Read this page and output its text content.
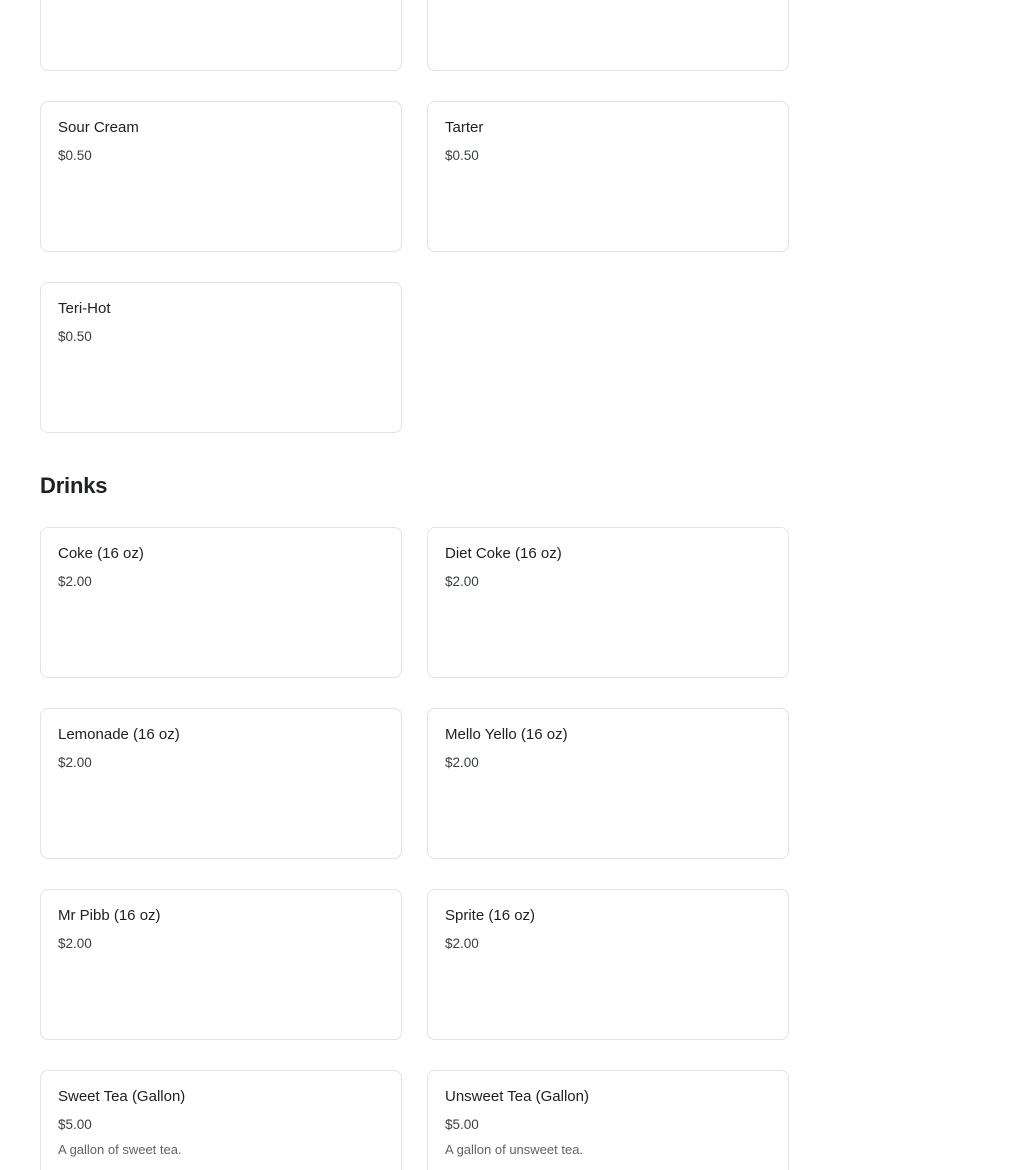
Sour Cream
$0.50
Tarter
$0.50
Teri-Hot
$0.50
Drinks
Coke (16 oz)
$2.00
Diet Coke (16 oz)
$2.00
Lemonade (16 oz)
$2.00
Mello Yello (16 oz)
$2.00
Mr Pibb (16 oz)
$2.00
Sprite (16 oz)
$2.00
Sweet Tea (Gallon)
$5.00
A gallon of sweet tea.
Unsweet Tea (Gallon)
$5.00
A gallon of unsweet tea.
